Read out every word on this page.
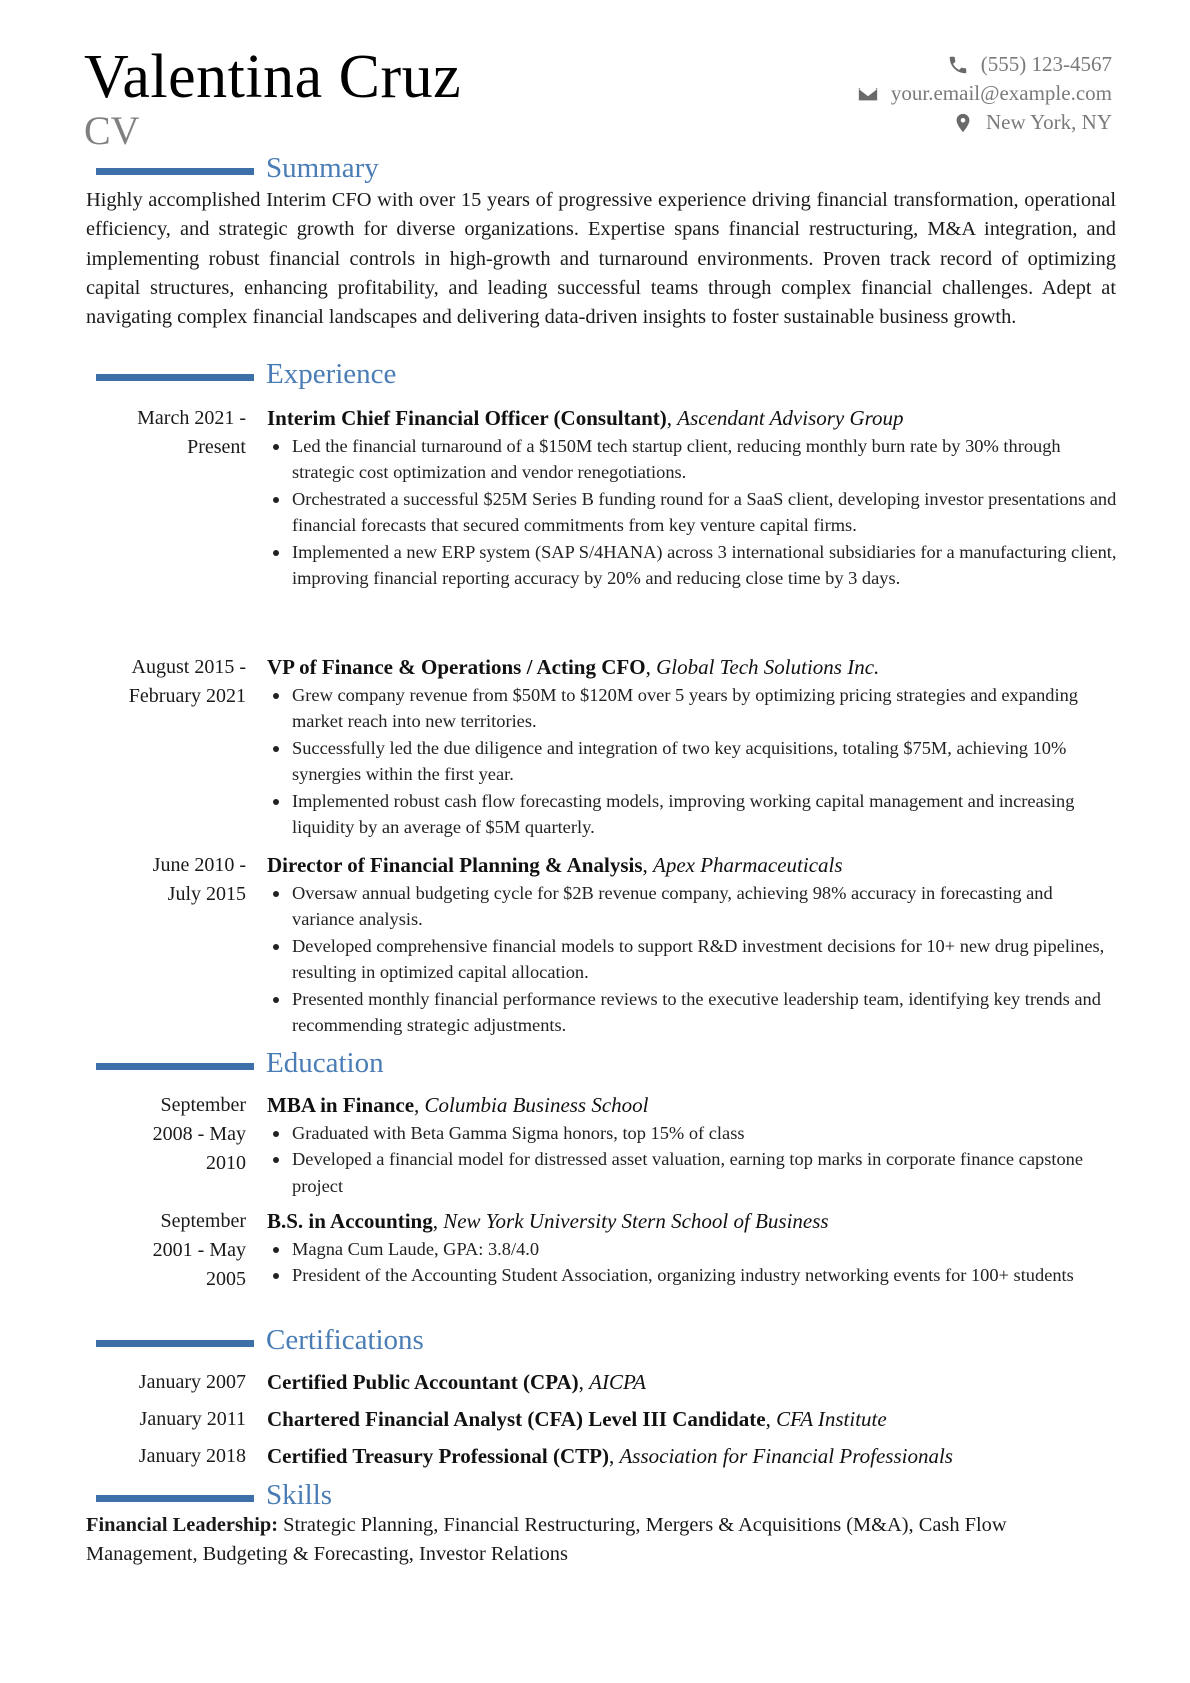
Valentina Cruz
CV
(555) 123-4567
your.email@example.com
New York, NY
Summary
Highly accomplished Interim CFO with over 15 years of progressive experience driving financial transformation, operational efficiency, and strategic growth for diverse organizations. Expertise spans financial restructuring, M&A integration, and implementing robust financial controls in high-growth and turnaround environments. Proven track record of optimizing capital structures, enhancing profitability, and leading successful teams through complex financial challenges. Adept at navigating complex financial landscapes and delivering data-driven insights to foster sustainable business growth.
Experience
March 2021 -
Present
Interim Chief Financial Officer (Consultant), Ascendant Advisory Group
Led the financial turnaround of a $150M tech startup client, reducing monthly burn rate by 30% through strategic cost optimization and vendor renegotiations.
Orchestrated a successful $25M Series B funding round for a SaaS client, developing investor presentations and financial forecasts that secured commitments from key venture capital firms.
Implemented a new ERP system (SAP S/4HANA) across 3 international subsidiaries for a manufacturing client, improving financial reporting accuracy by 20% and reducing close time by 3 days.
August 2015 -
February 2021
VP of Finance & Operations / Acting CFO, Global Tech Solutions Inc.
Grew company revenue from $50M to $120M over 5 years by optimizing pricing strategies and expanding market reach into new territories.
Successfully led the due diligence and integration of two key acquisitions, totaling $75M, achieving 10% synergies within the first year.
Implemented robust cash flow forecasting models, improving working capital management and increasing liquidity by an average of $5M quarterly.
June 2010 -
July 2015
Director of Financial Planning & Analysis, Apex Pharmaceuticals
Oversaw annual budgeting cycle for $2B revenue company, achieving 98% accuracy in forecasting and variance analysis.
Developed comprehensive financial models to support R&D investment decisions for 10+ new drug pipelines, resulting in optimized capital allocation.
Presented monthly financial performance reviews to the executive leadership team, identifying key trends and recommending strategic adjustments.
Education
September
2008 - May
2010
MBA in Finance, Columbia Business School
Graduated with Beta Gamma Sigma honors, top 15% of class
Developed a financial model for distressed asset valuation, earning top marks in corporate finance capstone project
September
2001 - May
2005
B.S. in Accounting, New York University Stern School of Business
Magna Cum Laude, GPA: 3.8/4.0
President of the Accounting Student Association, organizing industry networking events for 100+ students
Certifications
January 2007 Certified Public Accountant (CPA), AICPA
January 2011 Chartered Financial Analyst (CFA) Level III Candidate, CFA Institute
January 2018 Certified Treasury Professional (CTP), Association for Financial Professionals
Skills
Financial Leadership: Strategic Planning, Financial Restructuring, Mergers & Acquisitions (M&A), Cash Flow Management, Budgeting & Forecasting, Investor Relations
